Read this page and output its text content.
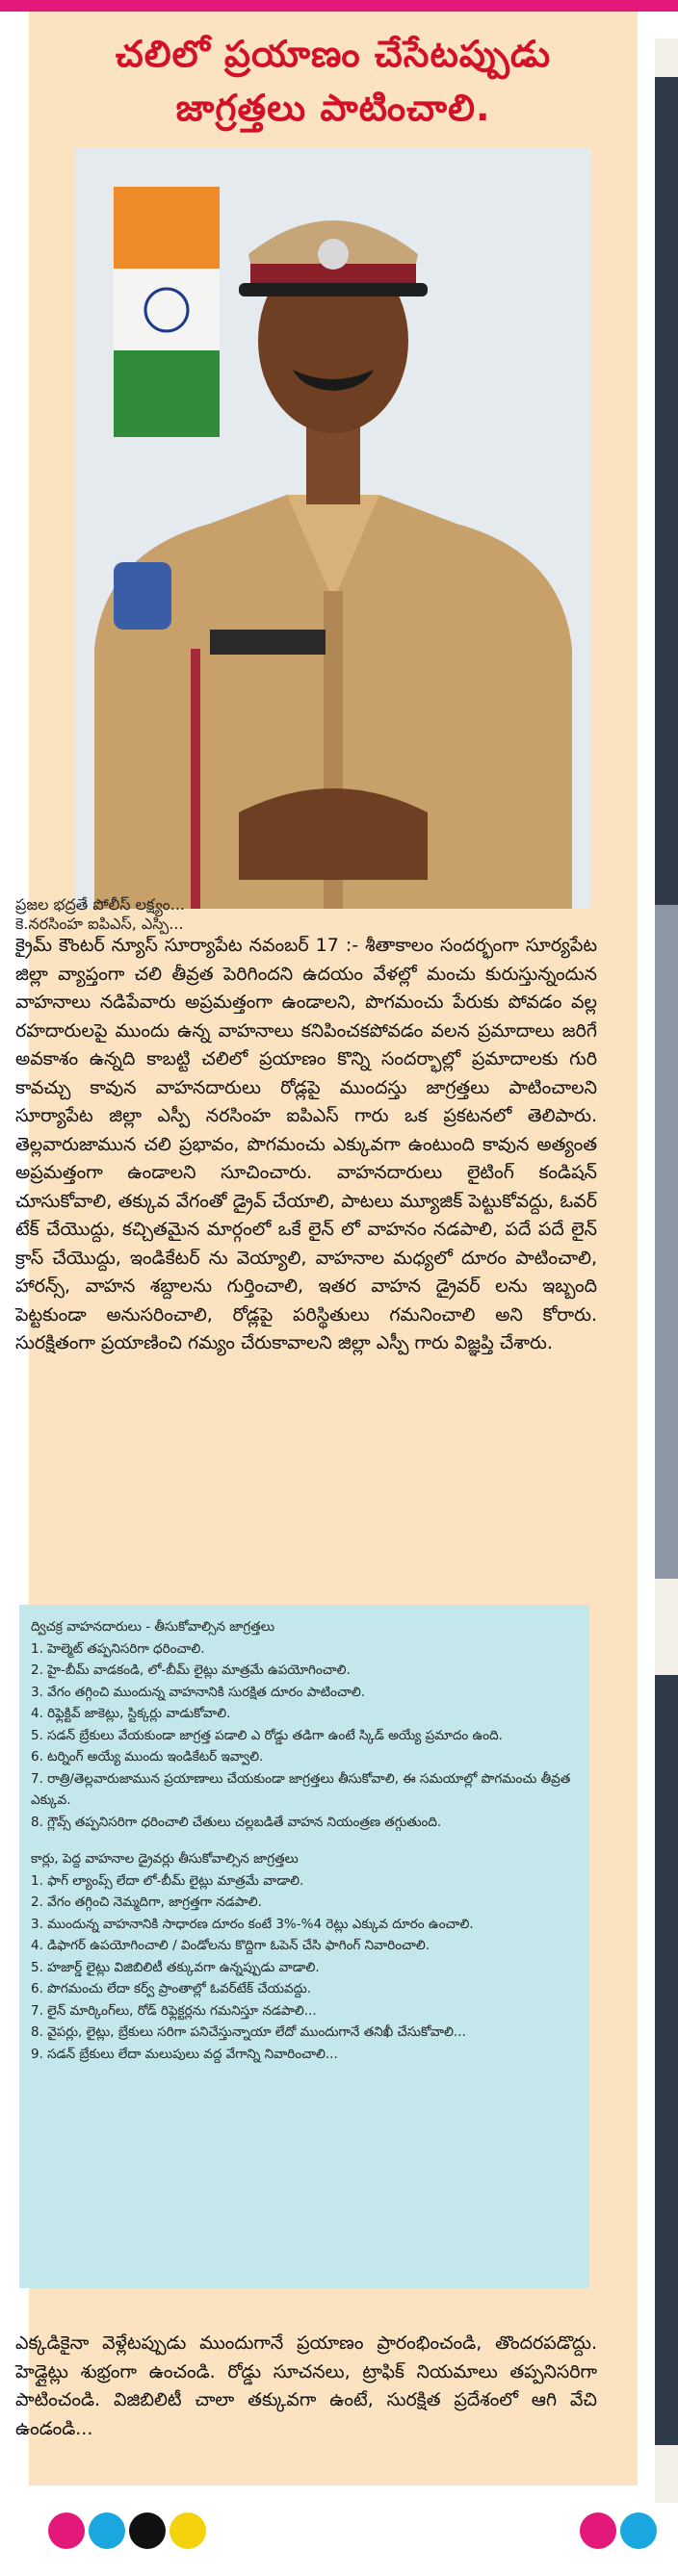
చలిలో ప్రయాణం చేసేటప్పుడు
జాగ్రత్తలు పాటించాలి.
ప్రజల భద్రతే పోలీస్ లక్ష్యం...
కె.నరసింహ ఐపిఎస్, ఎస్పి...
క్రైమ్ కౌంటర్ న్యూస్ సూర్యాపేట నవంబర్ 17 :- శీతాకాలం సందర్భంగా సూర్యపేట జిల్లా వ్యాప్తంగా చలి తీవ్రత పెరిగిందని ఉదయం వేళల్లో మంచు కురుస్తున్నందున వాహనాలు నడిపేవారు అప్రమత్తంగా ఉండాలని, పొగమంచు పేరుకు పోవడం వల్ల రహదారులపై ముందు ఉన్న వాహనాలు కనిపించకపోవడం వలన ప్రమాదాలు జరిగే అవకాశం ఉన్నది కాబట్టి చలిలో ప్రయాణం కొన్ని సందర్భాల్లో ప్రమాదాలకు గురి కావచ్చు కావున వాహనదారులు రోడ్లపై ముందస్తు జాగ్రత్తలు పాటించాలని సూర్యాపేట జిల్లా ఎస్పీ నరసింహ ఐపిఎస్ గారు ఒక ప్రకటనలో తెలిపారు. తెల్లవారుజామున చలి ప్రభావం, పొగమంచు ఎక్కువగా ఉంటుంది కావున అత్యంత అప్రమత్తంగా ఉండాలని సూచించారు. వాహనదారులు లైటింగ్ కండిషన్ చూసుకోవాలి, తక్కువ వేగంతో డ్రైవ్ చేయాలి, పాటలు మ్యూజిక్ పెట్టుకోవద్దు, ఓవర్ టేక్ చేయొద్దు, కచ్చితమైన మార్గంలో ఒకే లైన్ లో వాహనం నడపాలి, పదే పదే లైన్ క్రాస్ చేయొద్దు, ఇండికేటర్ ను వెయ్యాలి, వాహనాల మధ్యలో దూరం పాటించాలి, హారన్స్, వాహన శబ్దాలను గుర్తించాలి, ఇతర వాహన డ్రైవర్ లను ఇబ్బంది పెట్టకుండా అనుసరించాలి, రోడ్లపై పరిస్థితులు గమనించాలి అని కోరారు. సురక్షితంగా ప్రయాణించి గమ్యం చేరుకావాలని జిల్లా ఎస్పీ గారు విజ్ఞప్తి చేశారు.
ద్విచక్ర వాహనదారులు - తీసుకోవాల్సిన జాగ్రత్తలు
1. హెల్మెట్ తప్పనిసరిగా ధరించాలి.
2. హై-బీమ్ వాడకండి, లో-బీమ్ లైట్లు మాత్రమే ఉపయోగించాలి.
3. వేగం తగ్గించి ముందున్న వాహనానికి సురక్షిత దూరం పాటించాలి.
4. రిఫ్లెక్టివ్ జాకెట్లు, స్టిక్కర్లు వాడుకోవాలి.
5. సడన్ బ్రేకులు వేయకుండా జాగ్రత్త పడాలి ఎ రోడ్డు తడిగా ఉంటే స్కిడ్ అయ్యే ప్రమాదం ఉంది.
6. టర్నింగ్ అయ్యే ముందు ఇండికేటర్ ఇవ్వాలి.
7. రాత్రి/తెల్లవారుజామున ప్రయాణాలు చేయకుండా జాగ్రత్తలు తీసుకోవాలి, ఈ సమయాల్లో పొగమంచు తీవ్రత ఎక్కువ.
8. గ్లౌవ్స్ తప్పనిసరిగా ధరించాలి చేతులు చల్లబడితే వాహన నియంత్రణ తగ్గుతుంది.
కార్లు, పెద్ద వాహనాల డ్రైవర్లు తీసుకోవాల్సిన జాగ్రత్తలు
1. ఫాగ్ ల్యాంప్స్ లేదా లో-బీమ్ లైట్లు మాత్రమే వాడాలి.
2. వేగం తగ్గించి నెమ్మదిగా, జాగ్రత్తగా నడపాలి.
3. ముందున్న వాహనానికి సాధారణ దూరం కంటే 3%-%4 రెట్లు ఎక్కువ దూరం ఉంచాలి.
4. డిఫాగర్ ఉపయోగించాలి / విండోలను కొద్దిగా ఓపెన్ చేసి ఫాగింగ్ నివారించాలి.
5. హజార్డ్ లైట్లు విజిబిలిటీ తక్కువగా ఉన్నప్పుడు వాడాలి.
6. పొగమంచు లేదా కర్వ్ ప్రాంతాల్లో ఓవర్‌టేక్ చేయవద్దు.
7. లైన్ మార్కింగ్‌లు, రోడ్ రిఫ్లెక్టర్లను గమనిస్తూ నడపాలి...
8. వైపర్లు, లైట్లు, బ్రేకులు సరిగా పనిచేస్తున్నాయా లేదో ముందుగానే తనిఖీ చేసుకోవాలి...
9. సడన్ బ్రేకులు లేదా మలుపులు వద్ద వేగాన్ని నివారించాలి...
ఎక్కడికైనా వెళ్లేటప్పుడు ముందుగానే ప్రయాణం ప్రారంభించండి, తొందరపడొద్దు. హెడ్లైట్లు శుభ్రంగా ఉంచండి. రోడ్డు సూచనలు, ట్రాఫిక్ నియమాలు తప్పనిసరిగా పాటించండి. విజిబిలిటీ చాలా తక్కువగా ఉంటే, సురక్షిత ప్రదేశంలో ఆగి వేచి ఉండండి...
